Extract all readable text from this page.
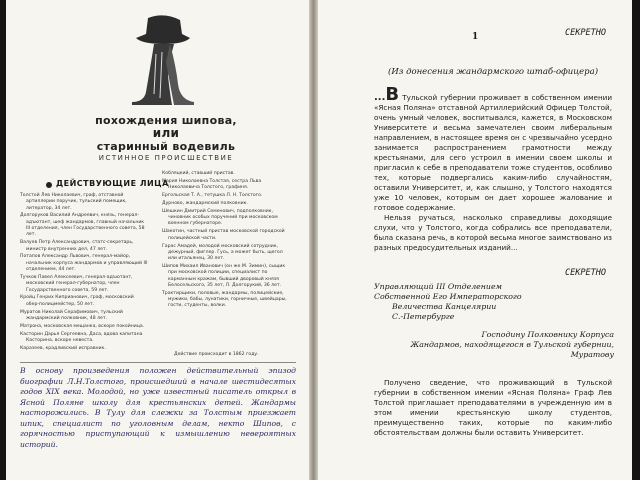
похождения шипова,
или
старинный водевиль
ИСТИННОЕ ПРОИСШЕСТВИЕ
ДЕЙСТВУЮЩИЕ ЛИЦА
Толстой Лев Николаевич, граф, отставной артиллерии поручик, тульский помещик, литератор, 34 лет.
Долгоруков Василий Андреевич, князь, генерал-адъютант, шеф жандармов, главный начальник III отделения, член Государственного совета, 58 лет.
Валуев Петр Александрович, статс-секретарь, министр внутренних дел, 47 лет.
Потапов Александр Львович, генерал-майор, начальник корпуса жандармов и управляющий III отделением, 44 лет.
Тучков Павел Алексеевич, генерал-адъютант, московский генерал-губернатор, член Государственного совета, 59 лет.
Кройц Генрих Киприанович, граф, московский обер-полицмейстер, 50 лет.
Муратов Николай Серафимович, тульский жандармский полковник, 48 лет.
Матрона, московская мещанка, вскоре покойница.
Касторин Дарья Сергеевна, Даса, вдова капитана Касторина, вскоре невеста.
Каразеев, крадливский исправник.
Кобляцкий, ставший пристав.
Мария Николаевна Толстая, сестра Льва Николаевича Толстого, графиня.
Ергольская Т. А., тетушка Л. Н. Толстого.
Дурново, жандармский полковник.
Шешкин Дмитрий Семенович, подполковник, чиновник особых поручений при московском военном губернаторе.
Шакотин, частный пристав московской городской полицейской части.
Гарас Амадей, молодой московский сотрудник, дежурный, фиглер. Гусь, а может быть, щегол или итальянец, 30 лет.
Шипов Михаил Иванович (он же М. Зимин), сыщик при московской полиции, специалист по карманным кражам, бывший дворовый князя Белосельского, 35 лет, Л. Долгорукий, 36 лет.
Трактирщики, половые, жандармы, полицейские, мужики, бабы, лунатики, горничные, швейцары, гости, студенты, волки.
Действие происходит в 1862 году.
В основу произведения положен действительный эпизод биографии Л.Н.Толстого, происшедший в начале шестидесятых годов XIX века. Молодой, но уже известный писатель открыл в Ясной Поляне школу для крестьянских детей. Жандармы насторожились. В Тулу для слежки за Толстым приезжает шпик, специалист по уголовным делам, некто Шипов, с горячностью приступающий к измышлению невероятных историй.
1	СЕКРЕТНО
(Из донесения жандармского штаб-офицера)

...В Тульской губернии проживает в собственном имении «Ясная Поляна» отставной Артиллерийский Офицер Толстой, очень умный человек, воспитывался, кажется, в Московском Университете и весьма замечателен своим либеральным направлением, в настоящее время он с чрезвычайно усердно занимается распространением грамотности между крестьянами, для сего устроил в имении своем школы и пригласил к себе в преподаватели тоже студентов, особливо тех, которые подвергались каким-либо случайностям, оставили Университет, и, как слышно, у Толстого находятся уже 10 человек, которым он дает хорошее жалование и готовое содержание.

Нельзя ручаться, насколько справедливы доходящие слухи, что у Толстого, когда собрались все преподаватели, была сказана речь, в которой весьма многое заимствовано из разных предосудительных изданий...

СЕКРЕТНО
Управляющий III Отделением
Собственной Его Императорского
Величества Канцелярии
С.-Петербурге
Господину Полковнику Корпуса
Жандармов, находящегося в Тульской губернии, Муратову
Получено сведение, что проживающий в Тульской губернии в собственном имении «Ясная Поляна» Граф Лев Толстой приглашает преподавателями в учрежденную им в этом имении крестьянскую школу студентов, преимущественно таких, которые по каким-либо обстоятельствам должны были оставить Университет.
